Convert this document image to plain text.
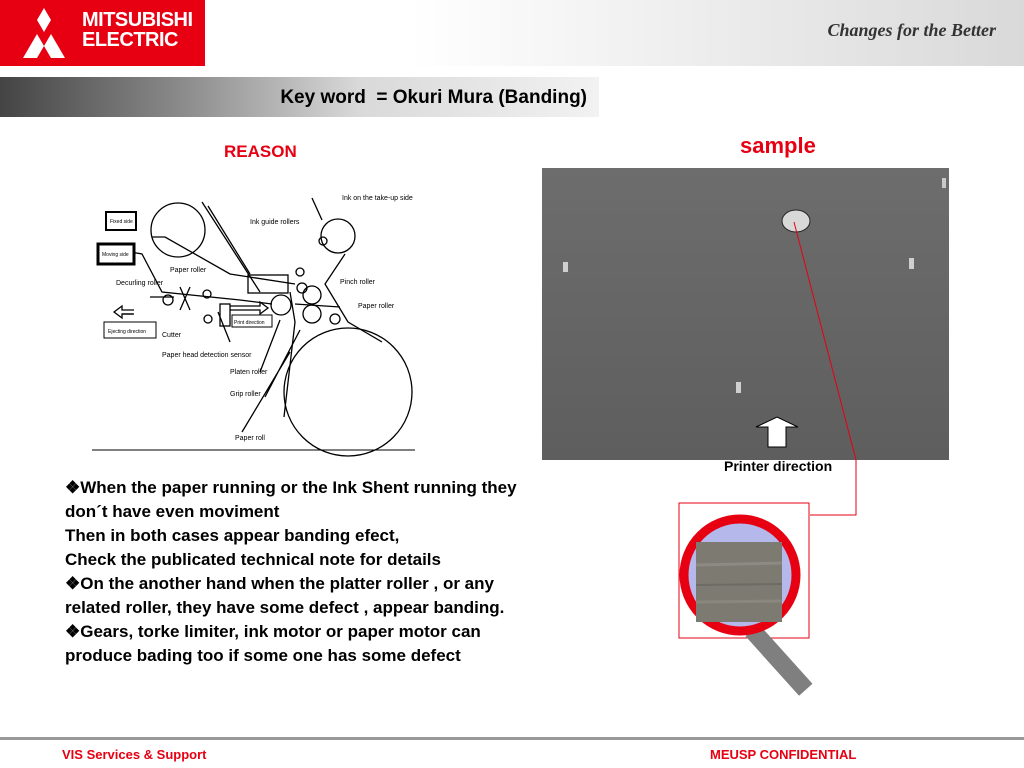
MITSUBISHI
ELECTRIC	Changes for the Better
Key word  = Okuri Mura (Banding)
REASON	sample
Ink on the take-up side
Ink guide rollers
Fixed side
Moving side
Paper roller
Pinch roller
Decurling roller
Paper roller
Ejecting direction
Print direction
Cutter
Paper head detection sensor
Platen roller
Grip roller
Paper roll
Printer direction

❖When the paper running or the Ink Shent running they don´t have even moviment

Then in both cases appear banding efect,

Check the publicated technical note for details

❖On the another hand when the platter roller , or any related roller, they have some defect , appear banding.

❖Gears, torke limiter, ink motor or paper motor can produce bading too if some one has some defect

VIS Services & Support	MEUSP CONFIDENTIAL
